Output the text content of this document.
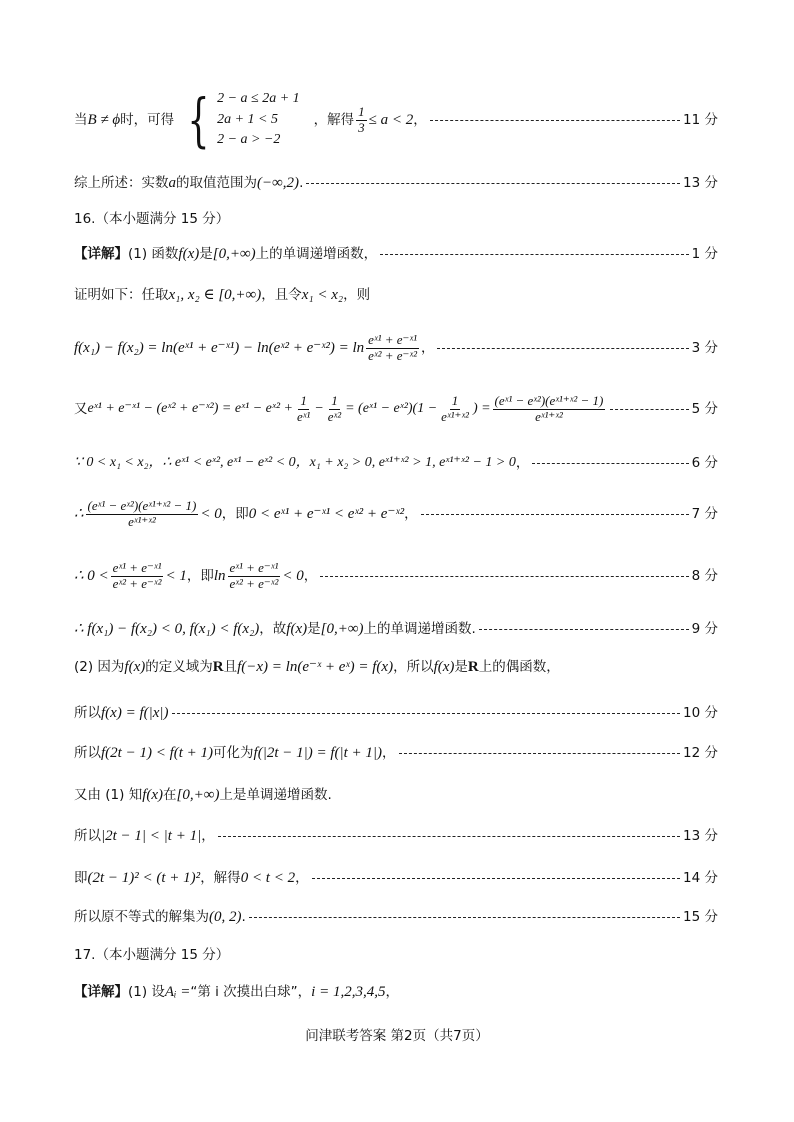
当 B ≠ ϕ 时，可得 { 2 − a ≤ 2a + 1
2a + 1 < 5
2 − a > −2
，解得 $\frac{1}{3} \le a < 2$ ，	11 分
综上所述：实数 a 的取值范围为 (−∞,2) .	13 分
16.（本小题满分 15 分）
【详解】 (1) 函数 f(x) 是 [0,+∞) 上的单调递增函数，	1 分
证明如下：任取 x₁, x₂ ∈ [0,+∞) ，且令 x₁ < x₂ ，则
f(x₁) − f(x₂) = ln(eˣ¹ + e⁻ˣ¹) − ln(eˣ² + e⁻ˣ²) = $\ln \frac{\text{eˣ¹ + e⁻ˣ¹}}{\text{eˣ² + e⁻ˣ²}}$ ，	3 分
又 eˣ¹ + e⁻ˣ¹ − (eˣ² + e⁻ˣ²) = eˣ¹ − eˣ² + $\frac{1}{\text{eˣ¹}} - \frac{1}{\text{eˣ²}}$ = (eˣ¹ − eˣ²)(1 − $\frac{1}{\text{eˣ¹⁺ˣ²}}$ ) = $\frac{\text{(eˣ¹ − eˣ²)(eˣ¹⁺ˣ² − 1)}}{\text{eˣ¹⁺ˣ²}}$	5 分
∵ 0 < x₁ < x₂，∴ eˣ¹ < eˣ², eˣ¹ − eˣ² < 0，x₁ + x₂ > 0, eˣ¹⁺ˣ² > 1, eˣ¹⁺ˣ² − 1 > 0 ，	6 分
∴ $\frac{\text{(eˣ¹ − eˣ²)(eˣ¹⁺ˣ² − 1)}}{\text{eˣ¹⁺ˣ²}} < 0$ ，即 0 < eˣ¹ + e⁻ˣ¹ < eˣ² + e⁻ˣ² ，	7 分
∴ $0 < \frac{\text{eˣ¹ + e⁻ˣ¹}}{\text{eˣ² + e⁻ˣ²}} < 1$ ，即 $\ln \frac{\text{eˣ¹ + e⁻ˣ¹}}{\text{eˣ² + e⁻ˣ²}} < 0$ ，	8 分
∴ f(x₁) − f(x₂) < 0, f(x₁) < f(x₂) ，故 f(x) 是 [0,+∞) 上的单调递增函数.	9 分
(2) 因为 f(x) 的定义域为 R 且 f(−x) = ln(e⁻ˣ + eˣ) = f(x) ，所以 f(x) 是 R 上的偶函数，
所以 f(x) = f(|x|)	10 分
所以 f(2t − 1) < f(t + 1) 可化为 f(|2t − 1|) = f(|t + 1|) ，	12 分
又由 (1) 知 f(x) 在 [0,+∞) 上是单调递增函数.
所以 |2t − 1| < |t + 1| ，	13 分
即 (2t − 1)² < (t + 1)² ，解得 0 < t < 2 ，	14 分
所以原不等式的解集为 (0, 2) .	15 分
17.（本小题满分 15 分）
【详解】 (1) 设 Aᵢ = “第 i 次摸出白球”， i = 1,2,3,4,5 ，
问津联考答案 第2页（共7页）
